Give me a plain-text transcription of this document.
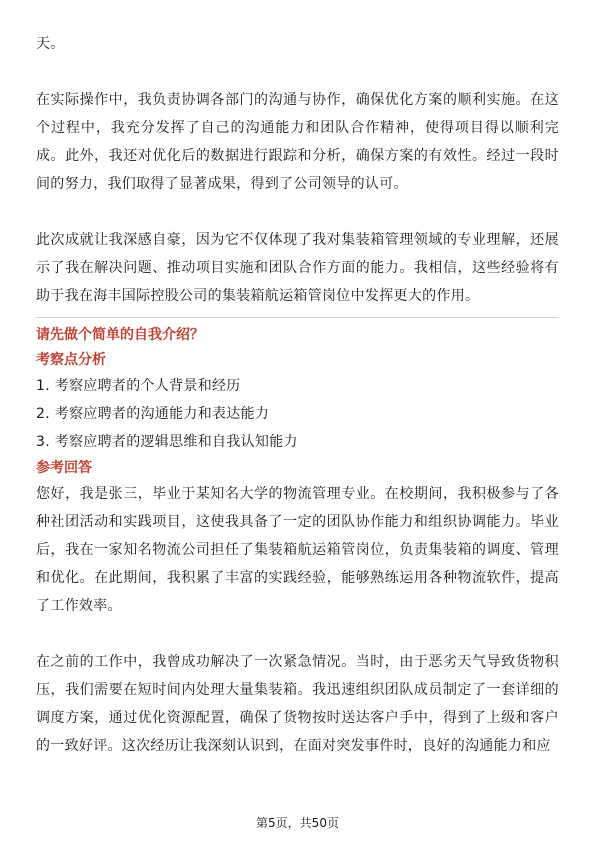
天。

在实际操作中，我负责协调各部门的沟通与协作，确保优化方案的顺利实施。在这个过程中，我充分发挥了自己的沟通能力和团队合作精神，使得项目得以顺利完成。此外，我还对优化后的数据进行跟踪和分析，确保方案的有效性。经过一段时间的努力，我们取得了显著成果，得到了公司领导的认可。

此次成就让我深感自豪，因为它不仅体现了我对集装箱管理领域的专业理解，还展示了我在解决问题、推动项目实施和团队合作方面的能力。我相信，这些经验将有助于我在海丰国际控股公司的集装箱航运箱管岗位中发挥更大的作用。

请先做个简单的自我介绍？
考察点分析
1. 考察应聘者的个人背景和经历
2. 考察应聘者的沟通能力和表达能力
3. 考察应聘者的逻辑思维和自我认知能力
参考回答

您好，我是张三，毕业于某知名大学的物流管理专业。在校期间，我积极参与了各种社团活动和实践项目，这使我具备了一定的团队协作能力和组织协调能力。毕业后，我在一家知名物流公司担任了集装箱航运箱管岗位，负责集装箱的调度、管理和优化。在此期间，我积累了丰富的实践经验，能够熟练运用各种物流软件，提高了工作效率。

在之前的工作中，我曾成功解决了一次紧急情况。当时，由于恶劣天气导致货物积压，我们需要在短时间内处理大量集装箱。我迅速组织团队成员制定了一套详细的调度方案，通过优化资源配置，确保了货物按时送达客户手中，得到了上级和客户的一致好评。这次经历让我深刻认识到，在面对突发事件时，良好的沟通能力和应

第5页，共50页
